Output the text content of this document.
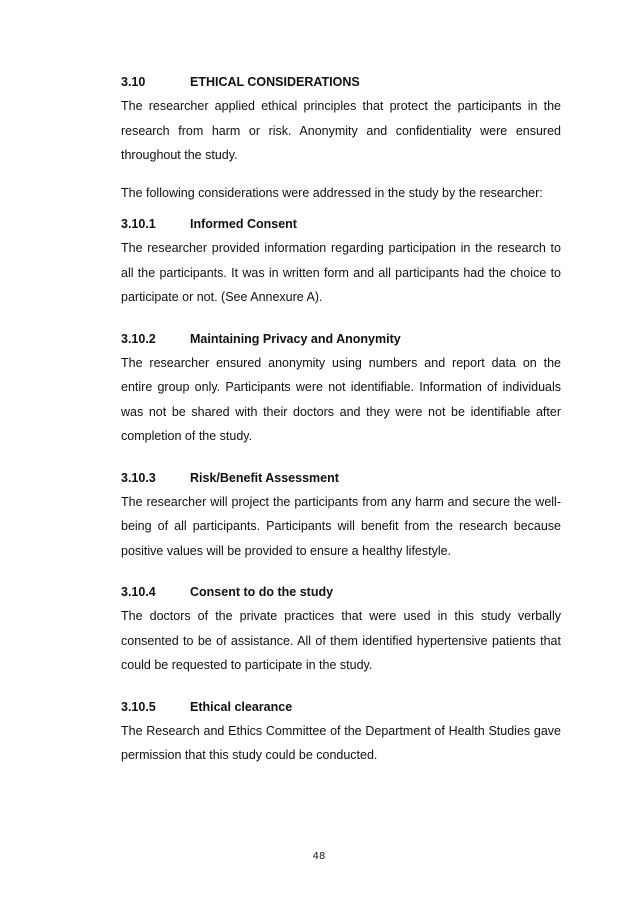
3.10	ETHICAL CONSIDERATIONS

The researcher applied ethical principles that protect the participants in the research from harm or risk. Anonymity and confidentiality were ensured throughout the study.

The following considerations were addressed in the study by the researcher:

3.10.1	Informed Consent

The researcher provided information regarding participation in the research to all the participants. It was in written form and all participants had the choice to participate or not. (See Annexure A).

3.10.2	Maintaining Privacy and Anonymity

The researcher ensured anonymity using numbers and report data on the entire group only. Participants were not identifiable. Information of individuals was not be shared with their doctors and they were not be identifiable after completion of the study.

3.10.3	Risk/Benefit Assessment

The researcher will project the participants from any harm and secure the well-being of all participants. Participants will benefit from the research because positive values will be provided to ensure a healthy lifestyle.

3.10.4	Consent to do the study

The doctors of the private practices that were used in this study verbally consented to be of assistance. All of them identified hypertensive patients that could be requested to participate in the study.

3.10.5	Ethical clearance

The Research and Ethics Committee of the Department of Health Studies gave permission that this study could be conducted.

48
